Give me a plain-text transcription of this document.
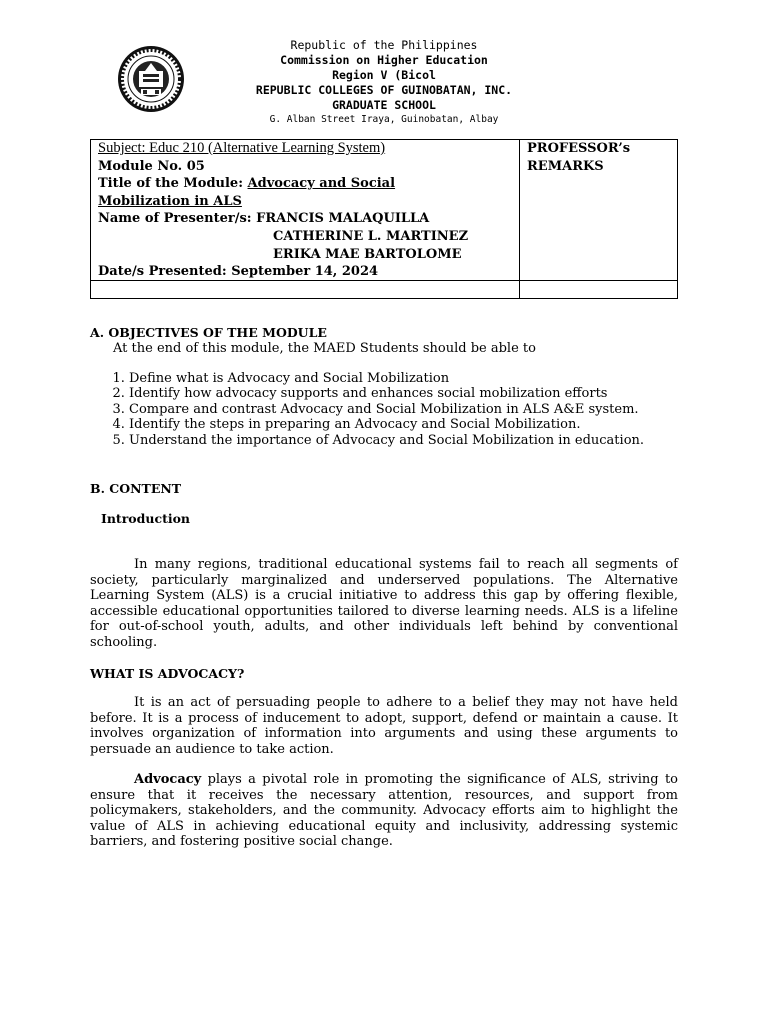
Republic of the Philippines
Commission on Higher Education
Region V (Bicol
REPUBLIC COLLEGES OF GUINOBATAN, INC.
GRADUATE SCHOOL
G. Alban Street Iraya, Guinobatan, Albay
Subject: Educ 210 (Alternative Learning System)
Module No. 05
Title of the Module: Advocacy and Social Mobilization in ALS
Name of Presenter/s: FRANCIS MALAQUILLA
CATHERINE L. MARTINEZ
ERIKA MAE BARTOLOME
Date/s Presented: September 14, 2024
PROFESSOR’s REMARKS
A. OBJECTIVES OF THE MODULE
At the end of this module, the MAED Students should be able to
1. Define what is Advocacy and Social Mobilization
2. Identify how advocacy supports and enhances social mobilization efforts
3. Compare and contrast Advocacy and Social Mobilization in ALS A&E system.
4. Identify the steps in preparing an Advocacy and Social Mobilization.
5. Understand the importance of Advocacy and Social Mobilization in education.
B. CONTENT
Introduction
In many regions, traditional educational systems fail to reach all segments of society, particularly marginalized and underserved populations. The Alternative Learning System (ALS) is a crucial initiative to address this gap by offering flexible, accessible educational opportunities tailored to diverse learning needs. ALS is a lifeline for out-of-school youth, adults, and other individuals left behind by conventional schooling.
WHAT IS ADVOCACY?
It is an act of persuading people to adhere to a belief they may not have held before. It is a process of inducement to adopt, support, defend or maintain a cause. It involves organization of information into arguments and using these arguments to          persuade an audience to take action.
Advocacy plays a pivotal role in promoting the significance of ALS, striving to ensure that it receives the necessary attention, resources, and support from policymakers, stakeholders, and the community. Advocacy efforts aim to highlight the value of ALS in achieving educational equity and inclusivity, addressing systemic barriers, and fostering positive social change.
